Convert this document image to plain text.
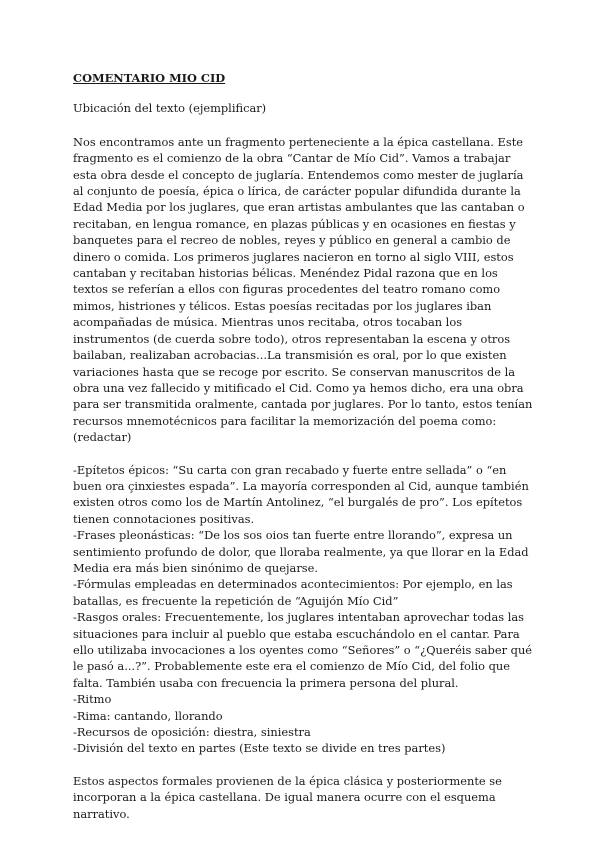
COMENTARIO MIO CID

Ubicación del texto (ejemplificar)

Nos encontramos ante un fragmento perteneciente a la épica castellana. Este fragmento es el comienzo de la obra “Cantar de Mío Cid”. Vamos a trabajar esta obra desde el concepto de juglaría. Entendemos como mester de juglaría al conjunto de poesía, épica o lírica, de carácter popular difundida durante la Edad Media por los juglares, que eran artistas ambulantes que las cantaban o recitaban, en lengua romance, en plazas públicas y en ocasiones en fiestas y banquetes para el recreo de nobles, reyes y público en general a cambio de dinero o comida. Los primeros juglares nacieron en torno al siglo VIII, estos cantaban y recitaban historias bélicas. Menéndez Pidal razona que en los textos se referían a ellos con figuras procedentes del teatro romano como mimos, histriones y télicos. Estas poesías recitadas por los juglares iban acompañadas de música. Mientras unos recitaba, otros tocaban los instrumentos (de cuerda sobre todo), otros representaban la escena y otros bailaban, realizaban acrobacias...La transmisión es oral, por lo que existen variaciones hasta que se recoge por escrito. Se conservan manuscritos de la obra una vez fallecido y mitificado el Cid. Como ya hemos dicho, era una obra para ser transmitida oralmente, cantada por juglares. Por lo tanto, estos tenían recursos mnemotécnicos para facilitar la memorización del poema como: (redactar)

-Epítetos épicos: “Su carta con gran recabado y fuerte entre sellada” o “en buen ora çinxiestes espada”. La mayoría corresponden al Cid, aunque también existen otros como los de Martín Antolinez, “el burgalés de pro”. Los epítetos tienen connotaciones positivas.
-Frases pleonásticas: “De los sos oios tan fuerte entre llorando”, expresa un sentimiento profundo de dolor, que lloraba realmente, ya que llorar en la Edad Media era más bien sinónimo de quejarse.
-Fórmulas empleadas en determinados acontecimientos: Por ejemplo, en las batallas, es frecuente la repetición de “Aguijón Mío Cid”
-Rasgos orales: Frecuentemente, los juglares intentaban aprovechar todas las situaciones para incluir al pueblo que estaba escuchándolo en el cantar. Para ello utilizaba invocaciones a los oyentes como “Señores” o “¿Queréis saber qué le pasó a...?”. Probablemente este era el comienzo de Mío Cid, del folio que falta. También usaba con frecuencia la primera persona del plural.
-Ritmo
-Rima: cantando, llorando
-Recursos de oposición: diestra, siniestra
-División del texto en partes (Este texto se divide en tres partes)

Estos aspectos formales provienen de la épica clásica y posteriormente se incorporan a la épica castellana. De igual manera ocurre con el esquema narrativo.
